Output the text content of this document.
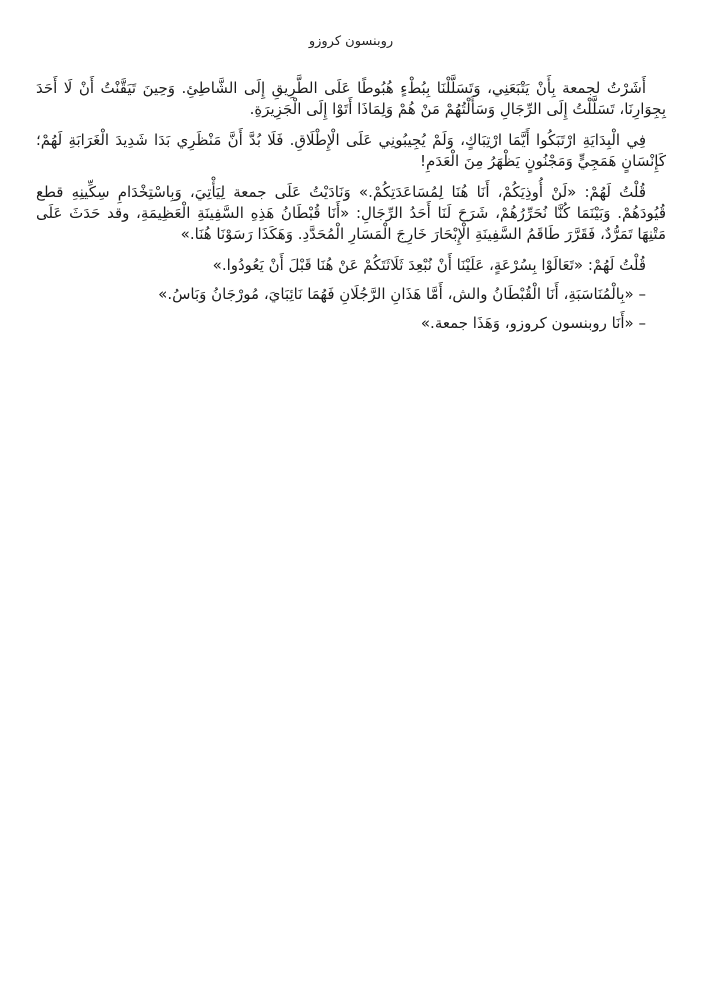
روبنسون كروزو

أَشَرْتُ لجمعة بِأَنْ يَتْبَعَنِي، وَتَسَلَّلْنَا بِبُطْءٍ هُبُوطًا عَلَى الطَّرِيقِ إِلَى الشَّاطِئِ. وَحِينَ تَيَقَّنْتُ أَنْ لَا أَحَدَ بِجِوَارِنَا، تَسَلَّلْتُ إِلَى الرِّجَالِ وَسَأَلْتُهُمْ مَنْ هُمْ وَلِمَاذَا أَتَوْا إِلَى الْجَزِيرَةِ.

فِي الْبِدَايَةِ ارْتَبَكُوا أَيَّمَا ارْتِبَاكٍ، وَلَمْ يُجِيبُونِي عَلَى الْإِطْلَاقِ. فَلَا بُدَّ أَنَّ مَنْظَرِي بَدَا شَدِيدَ الْغَرَابَةِ لَهُمْ؛ كَإِنْسَانٍ هَمَجِيٍّ وَمَجْنُونٍ يَظْهَرُ مِنَ الْعَدَمِ!

قُلْتُ لَهُمْ: «لَنْ أُوذِيَكُمْ، أَنَا هُنَا لِمُسَاعَدَتِكُمْ.» وَنَادَيْتُ عَلَى جمعة لِيَأْتِيَ، وَبِاسْتِخْدَامِ سِكِّينِهِ قطع قُيُودَهُمْ. وَبَيْنَمَا كُنَّا نُحَرِّرُهُمْ، شَرَحَ لَنَا أَحَدُ الرِّجَالِ: «أَنَا قُبْطَانُ هَذِهِ السَّفِينَةِ الْعَظِيمَةِ، وقد حَدَثَ عَلَى مَتْنِهَا تَمَرُّدٌ، فَقَرَّرَ طَاقَمُ السَّفِينَةِ الْإِبْحَارَ خَارِجَ الْمَسَارِ الْمُحَدَّدِ. وَهَكَذَا رَسَوْنَا هُنَا.»

قُلْتُ لَهُمْ: «تَعَالَوْا بِسُرْعَةٍ، عَلَيْنَا أَنْ نُبْعِدَ ثَلَاثَتَكُمْ عَنْ هُنَا قَبْلَ أَنْ يَعُودُوا.»

– «بِالْمُنَاسَبَةِ، أَنَا الْقُبْطَانُ والش، أَمَّا هَذَانِ الرَّجُلَانِ فَهُمَا نَائِبَايَ، مُورْجَانُ وَبَاسُ.»

– «أَنَا روبنسون كروزو، وَهَذَا جمعة.»
